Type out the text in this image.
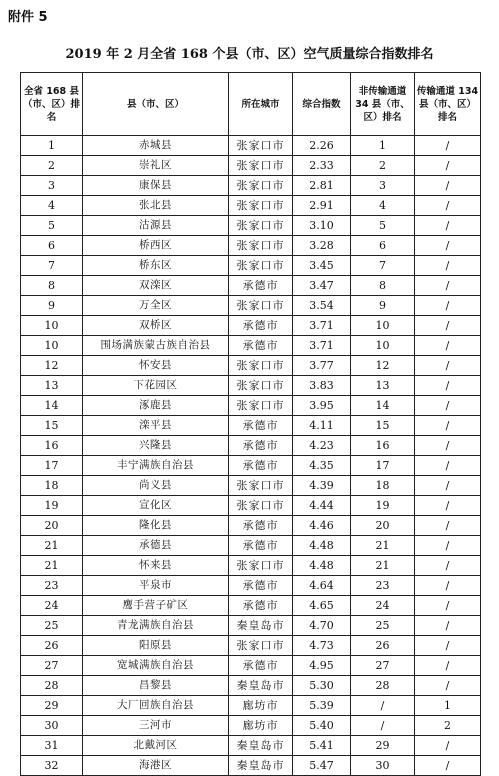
附件 5
2019 年 2 月全省 168 个县（市、区）空气质量综合指数排名
全省 168 县（市、区）排名	县（市、区）	所在城市	综合指数	非传输通道 34 县（市、区）排名	传输通道 134 县（市、区）排名
1	赤城县	张家口市	2.26	1	/
2	崇礼区	张家口市	2.33	2	/
3	康保县	张家口市	2.81	3	/
4	张北县	张家口市	2.91	4	/
5	沽源县	张家口市	3.10	5	/
6	桥西区	张家口市	3.28	6	/
7	桥东区	张家口市	3.45	7	/
8	双滦区	承德市	3.47	8	/
9	万全区	张家口市	3.54	9	/
10	双桥区	承德市	3.71	10	/
10	围场满族蒙古族自治县	承德市	3.71	10	/
12	怀安县	张家口市	3.77	12	/
13	下花园区	张家口市	3.83	13	/
14	涿鹿县	张家口市	3.95	14	/
15	滦平县	承德市	4.11	15	/
16	兴隆县	承德市	4.23	16	/
17	丰宁满族自治县	承德市	4.35	17	/
18	尚义县	张家口市	4.39	18	/
19	宣化区	张家口市	4.44	19	/
20	隆化县	承德市	4.46	20	/
21	承德县	承德市	4.48	21	/
21	怀来县	张家口市	4.48	21	/
23	平泉市	承德市	4.64	23	/
24	鹰手营子矿区	承德市	4.65	24	/
25	青龙满族自治县	秦皇岛市	4.70	25	/
26	阳原县	张家口市	4.73	26	/
27	宽城满族自治县	承德市	4.95	27	/
28	昌黎县	秦皇岛市	5.30	28	/
29	大厂回族自治县	廊坊市	5.39	/	1
30	三河市	廊坊市	5.40	/	2
31	北戴河区	秦皇岛市	5.41	29	/
32	海港区	秦皇岛市	5.47	30	/
